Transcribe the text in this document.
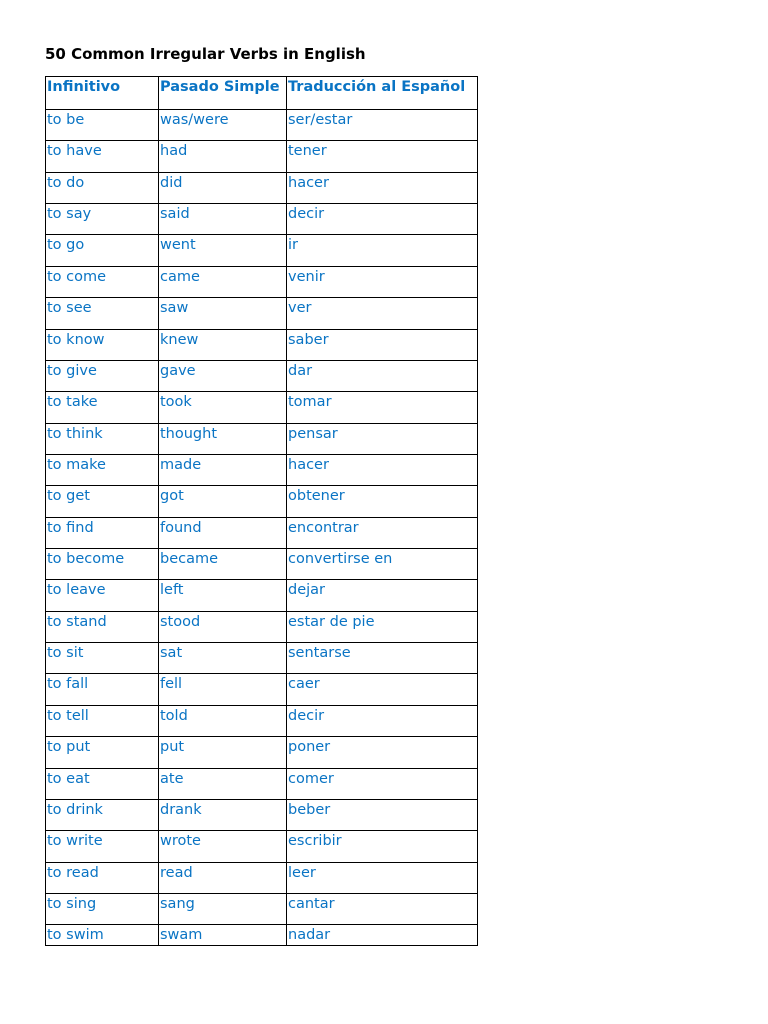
50 Common Irregular Verbs in English
Infinitivo	Pasado Simple	Traducción al Español
to be	was/were	ser/estar
to have	had	tener
to do	did	hacer
to say	said	decir
to go	went	ir
to come	came	venir
to see	saw	ver
to know	knew	saber
to give	gave	dar
to take	took	tomar
to think	thought	pensar
to make	made	hacer
to get	got	obtener
to find	found	encontrar
to become	became	convertirse en
to leave	left	dejar
to stand	stood	estar de pie
to sit	sat	sentarse
to fall	fell	caer
to tell	told	decir
to put	put	poner
to eat	ate	comer
to drink	drank	beber
to write	wrote	escribir
to read	read	leer
to sing	sang	cantar
to swim	swam	nadar
